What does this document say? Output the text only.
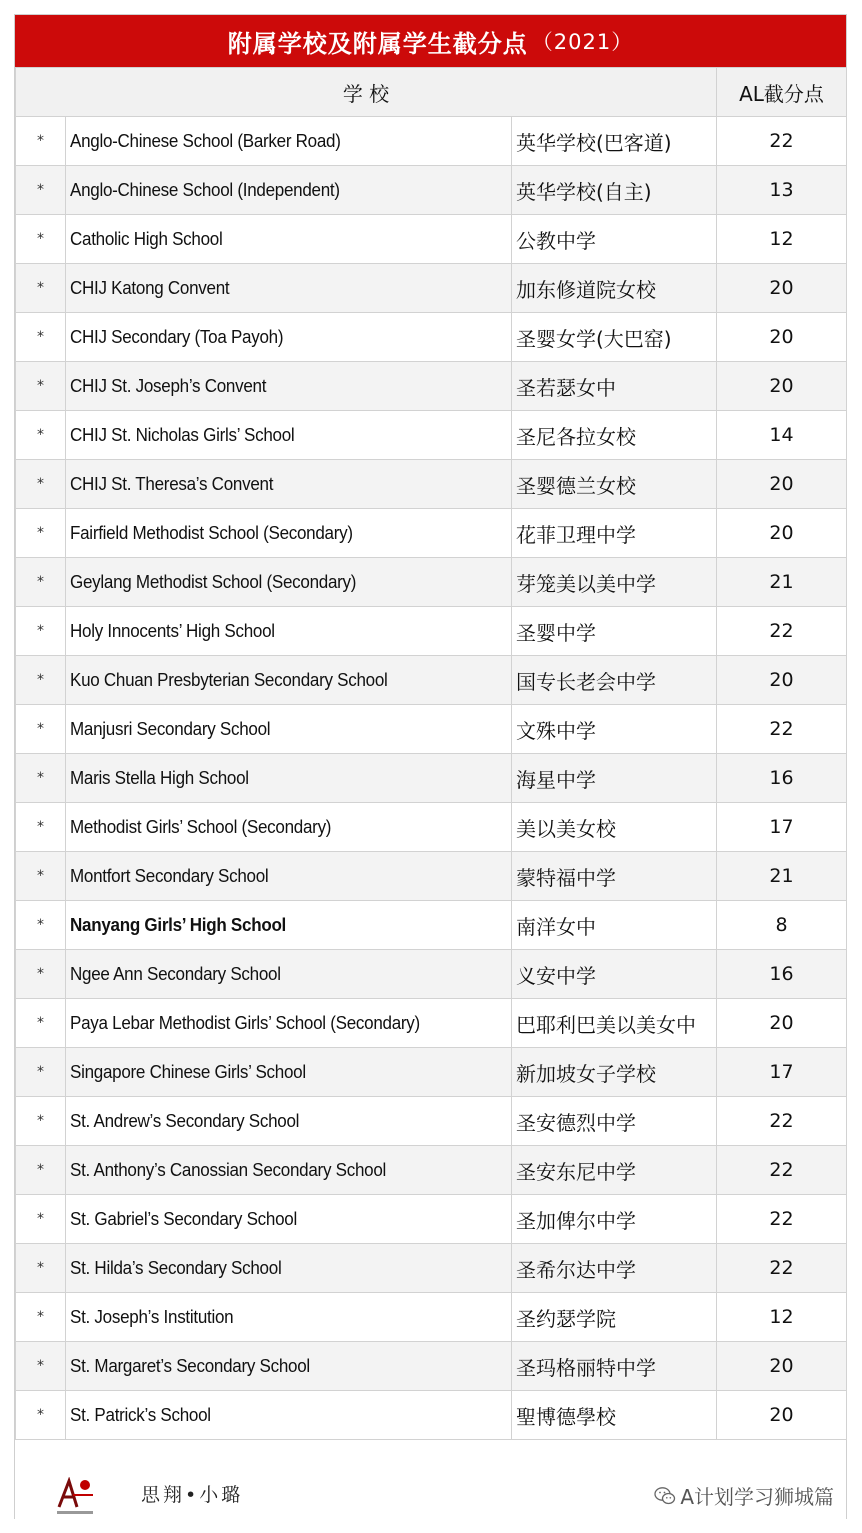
附属学校及附属学生截分点 （2021）
学 校			AL截分点
*	Anglo-Chinese School (Barker Road)	英华学校(巴客道)	22
*	Anglo-Chinese School (Independent)	英华学校(自主)	13
*	Catholic High School	公教中学	12
*	CHIJ Katong Convent	加东修道院女校	20
*	CHIJ Secondary (Toa Payoh)	圣婴女学(大巴窑)	20
*	CHIJ St. Joseph’s Convent	圣若瑟女中	20
*	CHIJ St. Nicholas Girls’ School	圣尼各拉女校	14
*	CHIJ St. Theresa’s Convent	圣婴德兰女校	20
*	Fairfield Methodist School (Secondary)	花菲卫理中学	20
*	Geylang Methodist School (Secondary)	芽笼美以美中学	21
*	Holy Innocents’ High School	圣婴中学	22
*	Kuo Chuan Presbyterian Secondary School	国专长老会中学	20
*	Manjusri Secondary School	文殊中学	22
*	Maris Stella High School	海星中学	16
*	Methodist Girls’ School (Secondary)	美以美女校	17
*	Montfort Secondary School	蒙特福中学	21
*	Nanyang Girls’ High School	南洋女中	8
*	Ngee Ann Secondary School	义安中学	16
*	Paya Lebar Methodist Girls’ School (Secondary)	巴耶利巴美以美女中	20
*	Singapore Chinese Girls’ School	新加坡女子学校	17
*	St. Andrew’s Secondary School	圣安德烈中学	22
*	St. Anthony’s Canossian Secondary School	圣安东尼中学	22
*	St. Gabriel’s Secondary School	圣加俾尔中学	22
*	St. Hilda’s Secondary School	圣希尔达中学	22
*	St. Joseph’s Institution	圣约瑟学院	12
*	St. Margaret’s Secondary School	圣玛格丽特中学	20
*	St. Patrick’s School	聖博德學校	20
思翔•小璐	A计划学习狮城篇
